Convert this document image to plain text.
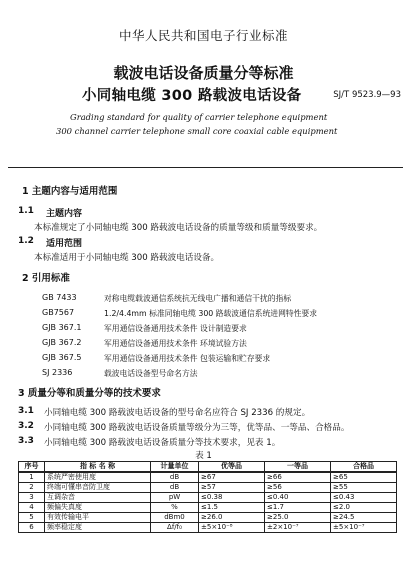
中华人民共和国电子行业标准
载波电话设备质量分等标准
小同轴电缆 300 路载波电话设备	SJ/T 9523.9—93
Grading standard for quality of carrier telephone equipment
300 channel carrier telephone small core coaxial cable equipment
1 主题内容与适用范围
1.1 主题内容
本标准规定了小同轴电缆 300 路载波电话设备的质量等级和质量等级要求。
1.2 适用范围
本标准适用于小同轴电缆 300 路载波电话设备。
2 引用标准
GB 7433	对称电缆载波通信系统抗无线电广播和通信干扰的指标
GB7567	1.2/4.4mm 标准同轴电缆 300 路载波通信系统进网特性要求
GJB 367.1	军用通信设备通用技术条件 设计制造要求
GJB 367.2	军用通信设备通用技术条件 环境试验方法
GJB 367.5	军用通信设备通用技术条件 包装运输和贮存要求
SJ 2336	载波电话设备型号命名方法
3 质量分等和质量分等的技术要求
3.1 小同轴电缆 300 路载波电话设备的型号命名应符合 SJ 2336 的规定。
3.2 小同轴电缆 300 路载波电话设备质量等级分为三等，优等品、一等品、合格品。
3.3 小同轴电缆 300 路载波电话设备质量分等技术要求，见表 1。
表 1
序号	指 标 名 称	计量单位	优等品	一等品	合格品
1	系统严密使用度	dB	≥67	≥66	≥65
2	终端可懂串音防卫度	dB	≥57	≥56	≥55
3	互调杂音	pW	≤0.38	≤0.40	≤0.43
4	频偏失真度	%	≤1.5	≤1.7	≤2.0
5	有效传输电平	dBm0	≥26.0	≥25.0	≥24.5
6	频率稳定度	Δf/f₀	±5×10⁻⁸	±2×10⁻⁷	±5×10⁻⁷
